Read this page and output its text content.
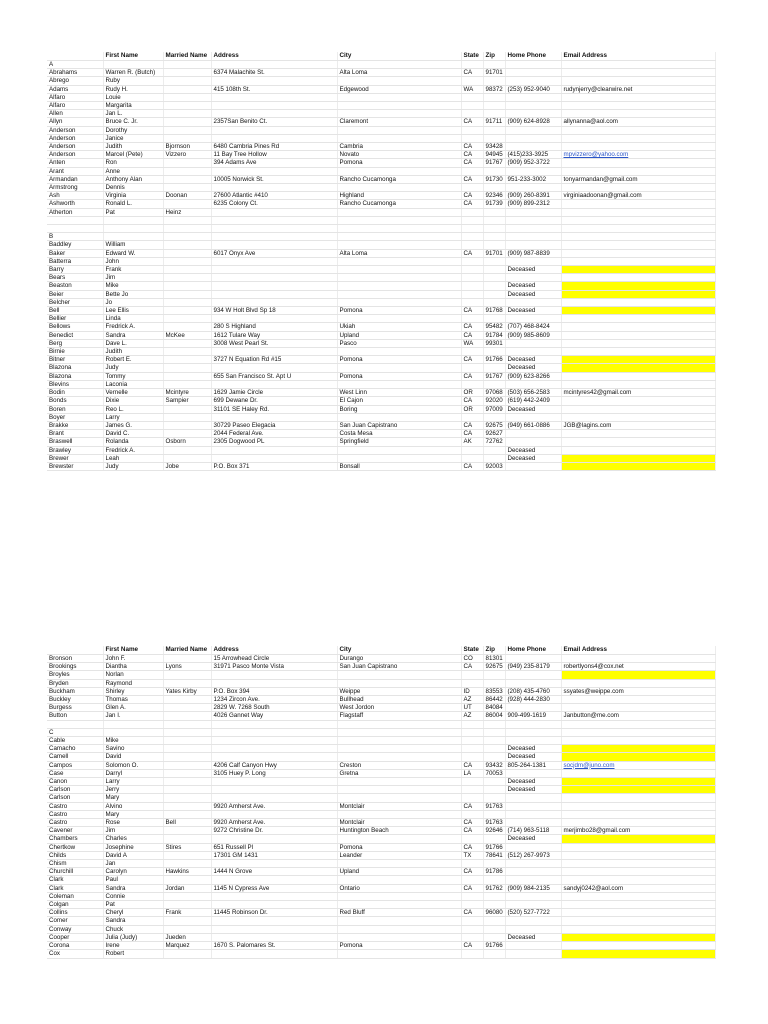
	First Name	Married Name	Address	City	State	Zip	Home Phone	Email Address
A								
Abrahams	Warren R. (Butch)		6374 Malachite St.	Alta Loma	CA	91701		
Abrego	Ruby							
Adams	Rudy H.		415 108th St.	Edgewood	WA	98372	(253) 952-9040	rudynjerry@clearwire.net
Alfaro	Louie							
Alfaro	Margarita							
Allen	Jan L.							
Allyn	Bruce C. Jr.		2357San Benito Ct.	Claremont	CA	91711	(909) 624-8928	allynanna@aol.com
Anderson	Dorothy							
Anderson	Janice							
Anderson	Judith	Bjornson	6480 Cambria Pines Rd	Cambria	CA	93428		
Anderson	Marcel (Pete)	Vizzero	11 Bay Tree Hollow	Novato	CA	94945	(415)233-3925	mpvizzero@yahoo.com
Anten	Ron		394 Adams Ave	Pomona	CA	91767	(909) 952-3722	
Arant	Anne							
Armandan	Anthony Alan		10005 Norwick St.	Rancho Cucamonga	CA	91730	951-233-3002	tonyarmandan@gmail.com
Armstrong	Dennis							
Ash	Virginia	Doonan	27600 Atlantic #410	Highland	CA	92346	(909) 260-8391	virginiaadoonan@gmail.com
Ashworth	Ronald L.		6235 Colony Ct.	Rancho Cucamonga	CA	91739	(909) 899-2312	
Atherton	Pat	Heinz						

B								
Baddley	William							
Baker	Edward W.		6017 Onyx Ave	Alta Loma	CA	91701	(909) 987-8839	
Batterra	John							
Barry	Frank						Deceased	
Bears	Jim							
Beaston	Mike						Deceased	
Beier	Bette Jo						Deceased	
Belcher	Jo							
Bell	Lee Ellis		934 W Holt Blvd Sp 18	Pomona	CA	91768	Deceased	
Bellier	Linda							
Bellows	Fredrick A.		280 S Highland	Ukiah	CA	95482	(707) 468-8424	
Benedict	Sandra	McKee	1612 Tulare Way	Upland	CA	91784	(909) 985-8609	
Berg	Dave L.		3008 West Pearl St.	Pasco	WA	99301		
Birnie	Judith							
Bitner	Robert E.		3727 N Equation Rd #15	Pomona	CA	91766	Deceased	
Blazona	Judy						Deceased	
Blazona	Tommy		655 San Francisco St. Apt U	Pomona	CA	91767	(909) 623-8266	
Blevins	Laconia							
Bodin	Vernelle	Mcintyre	1629 Jamie Circle	West Linn	OR	97068	(503) 656-2583	mcintyres42@gmail.com
Bonds	Dixie	Sampier	699 Dewane Dr.	El Cajon	CA	92020	(619) 442-2409	
Boren	Reo L.		31101 SE Haley Rd.	Boring	OR	97009	Deceased	
Boyer	Larry							
Brakke	James G.		30729 Paseo Elegacia	San Juan Capistrano	CA	92675	(949) 661-0886	JGB@lagins.com
Brant	David C.		2044 Federal Ave.	Costa Mesa	CA	92627		
Braswell	Rolanda	Osborn	2305 Dogwood PL	Springfield	AK	72762		
Brawley	Fredrick A.						Deceased	
Brewer	Leah						Deceased	
Brewster	Judy	Jobe	P.O. Box 371	Bonsall	CA	92003		
	First Name	Married Name	Address	City	State	Zip	Home Phone	Email Address
Bronson	John F.		15 Arrowhead Circle	Durango	CO	81301		
Brookings	Diantha	Lyons	31971 Pasco Monte Vista	San Juan Capistrano	CA	92675	(949) 235-8179	robertlyons4@cox.net
Broyles	Norlan							
Bryden	Raymond							
Buckham	Shirley	Yates Kirby	P.O. Box 394	Weippe	ID	83553	(208) 435-4760	ssyates@weippe.com
Buckley	Thomas		1234 Zircon Ave.	Bullhead	AZ	86442	(928) 444-2830	
Burgess	Glen A.		2829 W. 7268 South	West Jordon	UT	84084		
Button	Jan I.		4026 Gannet Way	Flagstaff	AZ	86004	909-499-1619	Janbutton@me.com

C								
Cable	Mike							
Camacho	Savino						Deceased	
Camell	David						Deceased	
Campos	Solomon O.		4206 Calf Canyon Hwy	Creston	CA	93432	805-264-1381	socjdm@juno.com
Case	Darryl		3105 Huey P. Long	Gretna	LA	70053		
Canon	Larry						Deceased	
Carlson	Jerry						Deceased	
Carlson	Mary							
Castro	Alvino		9920 Amherst Ave.	Montclair	CA	91763		
Castro	Mary							
Castro	Rose	Bell	9920 Amherst Ave.	Montclair	CA	91763		
Cavener	Jim		9272 Christine Dr.	Huntington Beach	CA	92646	(714) 963-5118	merjimbo28@gmail.com
Chambers	Charles						Deceased	
Chertkow	Josephine	Stires	651 Russell Pl	Pomona	CA	91766		
Childs	David A		17301 GM 1431	Leander	TX	78641	(512) 267-9973	
Chism	Jan							
Churchill	Carolyn	Hawkins	1444 N Grove	Upland	CA	91786		
Clark	Paul							
Clark	Sandra	Jordan	1145 N Cypress Ave	Ontario	CA	91762	(909) 984-2135	sandyj0242@aol.com
Coleman	Connie							
Colgan	Pat							
Collins	Cheryl	Frank	11445 Robinson Dr.	Red Bluff	CA	96080	(520) 527-7722	
Comer	Sandra							
Conway	Chuck							
Cooper	Julia (Judy)	Jueden					Deceased	
Corona	Irene	Marquez	1670 S. Palomares St.	Pomona	CA	91766		
Cox	Robert							
